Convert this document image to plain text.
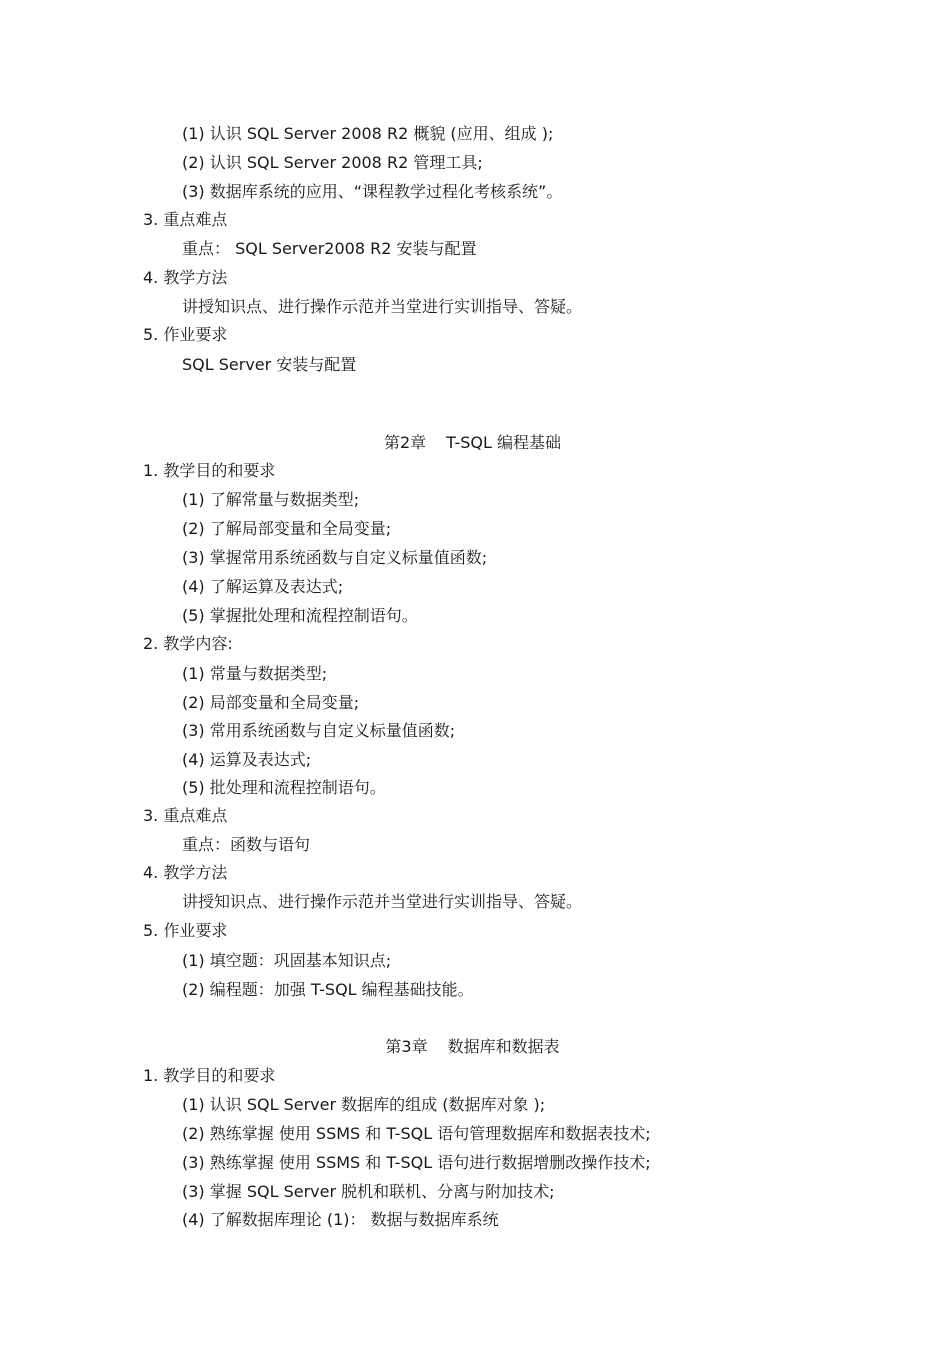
(1) 认识 SQL Server 2008 R2 概貌 (应用、组成 );
(2) 认识 SQL Server 2008 R2 管理工具;
(3) 数据库系统的应用、“课程教学过程化考核系统”。
3. 重点难点
重点： SQL Server2008 R2 安装与配置
4. 教学方法
讲授知识点、进行操作示范并当堂进行实训指导、答疑。
5. 作业要求
SQL Server 安装与配置
第2章 T-SQL 编程基础
1. 教学目的和要求
(1) 了解常量与数据类型;
(2) 了解局部变量和全局变量;
(3) 掌握常用系统函数与自定义标量值函数;
(4) 了解运算及表达式;
(5) 掌握批处理和流程控制语句。
2. 教学内容:
(1) 常量与数据类型;
(2) 局部变量和全局变量;
(3) 常用系统函数与自定义标量值函数;
(4) 运算及表达式;
(5) 批处理和流程控制语句。
3. 重点难点
重点：函数与语句
4. 教学方法
讲授知识点、进行操作示范并当堂进行实训指导、答疑。
5. 作业要求
(1) 填空题：巩固基本知识点;
(2) 编程题：加强 T-SQL 编程基础技能。
第3章 数据库和数据表
1. 教学目的和要求
(1) 认识 SQL Server 数据库的组成 (数据库对象 );
(2) 熟练掌握 使用 SSMS 和 T-SQL 语句管理数据库和数据表技术;
(3) 熟练掌握 使用 SSMS 和 T-SQL 语句进行数据增删改操作技术;
(3) 掌握 SQL Server 脱机和联机、分离与附加技术;
(4) 了解数据库理论 (1)： 数据与数据库系统
